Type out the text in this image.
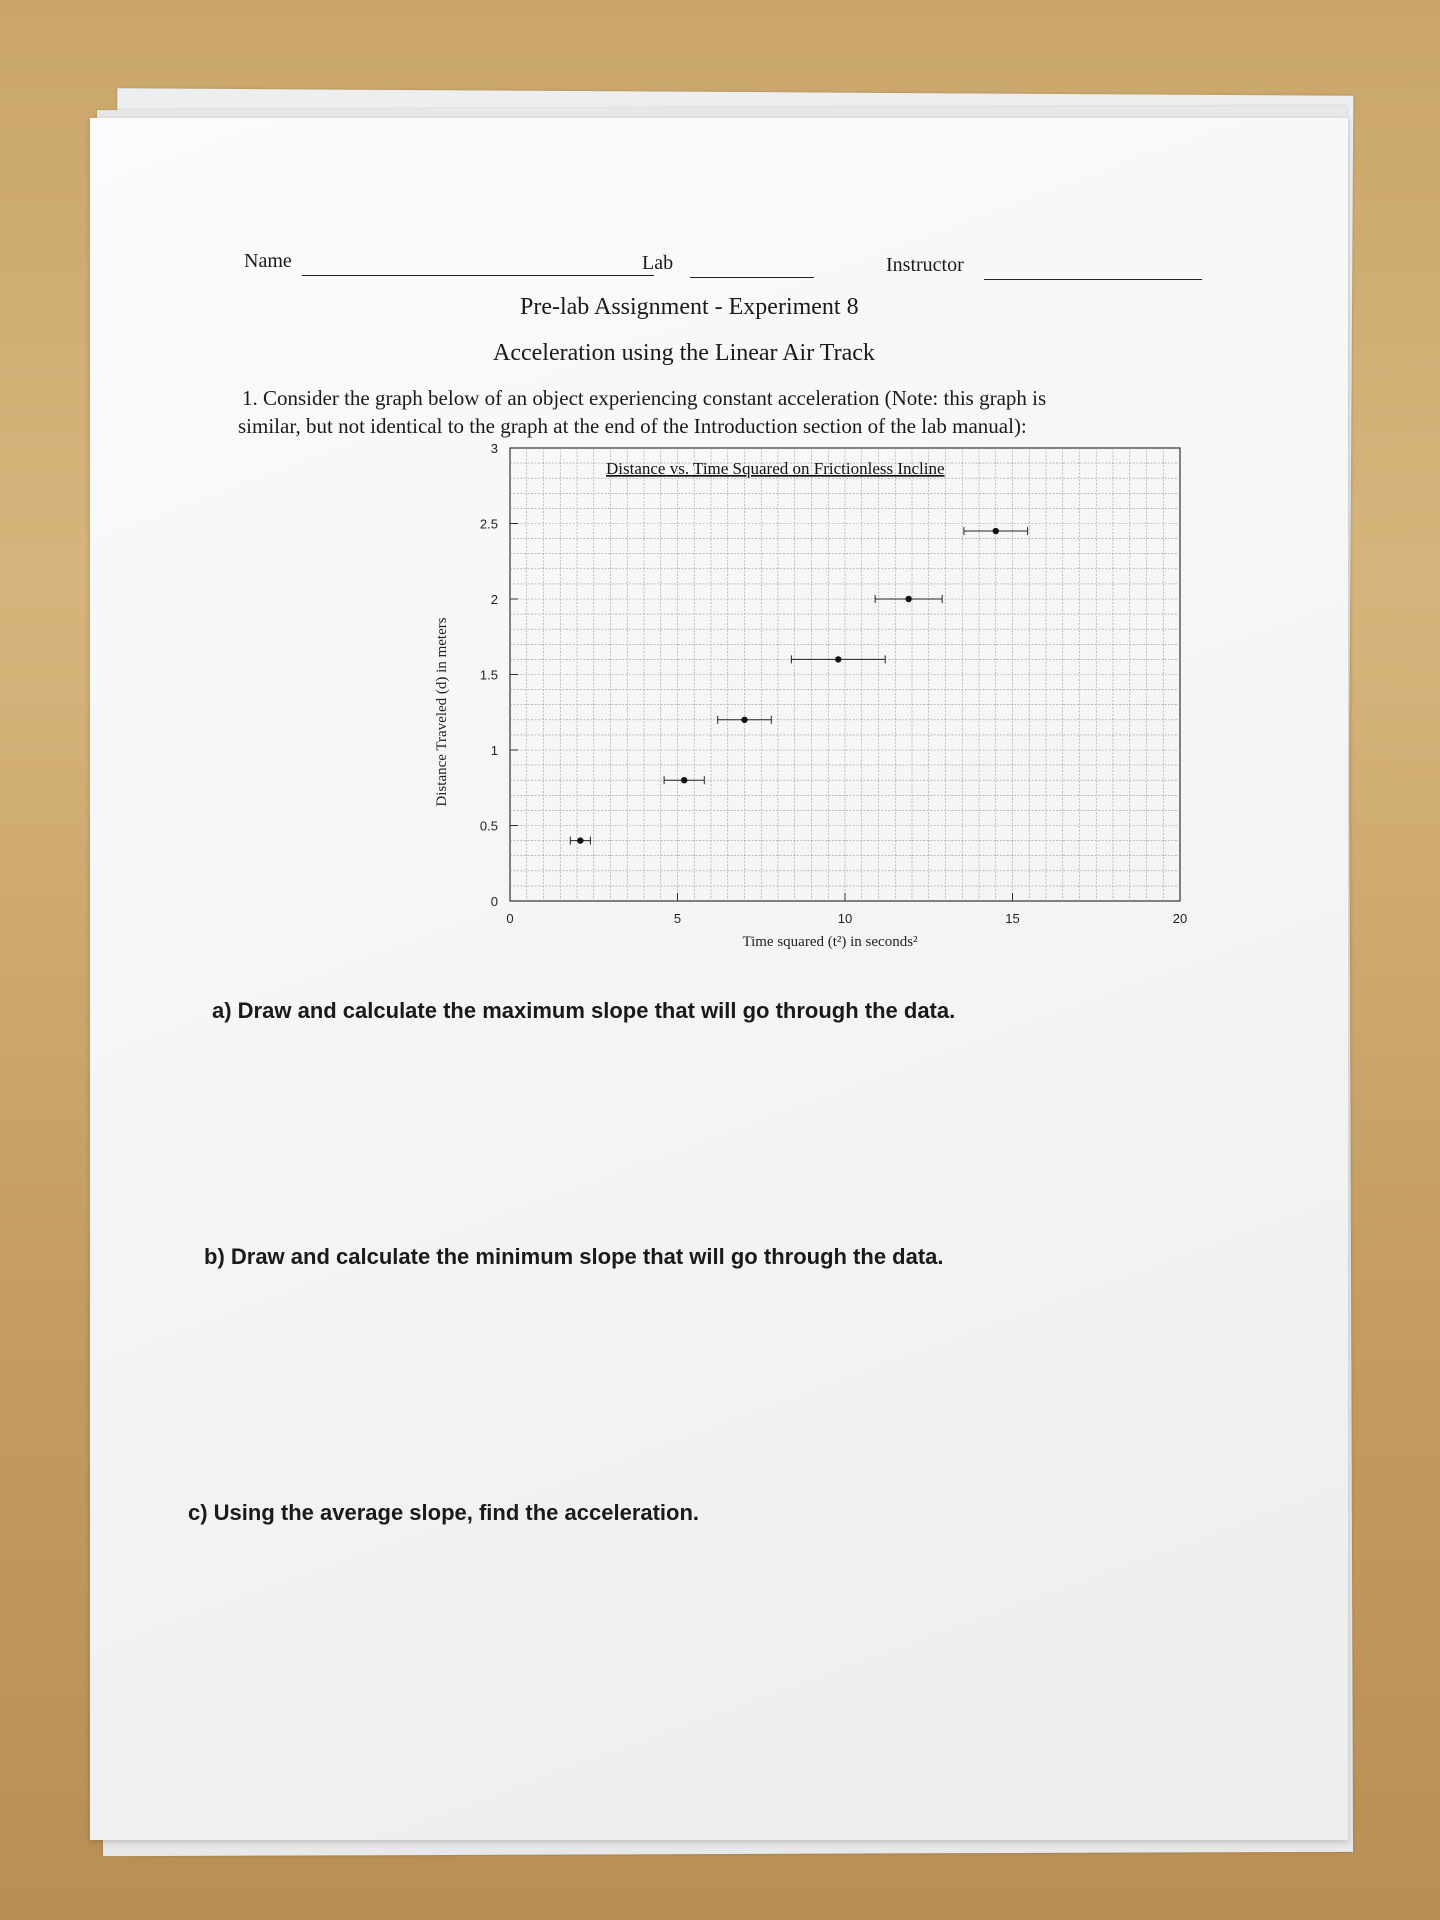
Name	Lab	Instructor
Pre-lab Assignment - Experiment 8
Acceleration using the Linear Air Track
1. Consider the graph below of an object experiencing constant acceleration (Note: this graph is
similar, but not identical to the graph at the end of the Introduction section of the lab manual):
Distance Traveled (d) in meters
0	5	10	15	20
0
0.5
1
1.5
2
2.5
3
Distance vs. Time Squared on Frictionless Incline
Time squared (t²) in seconds²
a) Draw and calculate the maximum slope that will go through the data.
b) Draw and calculate the minimum slope that will go through the data.
c) Using the average slope, find the acceleration.
